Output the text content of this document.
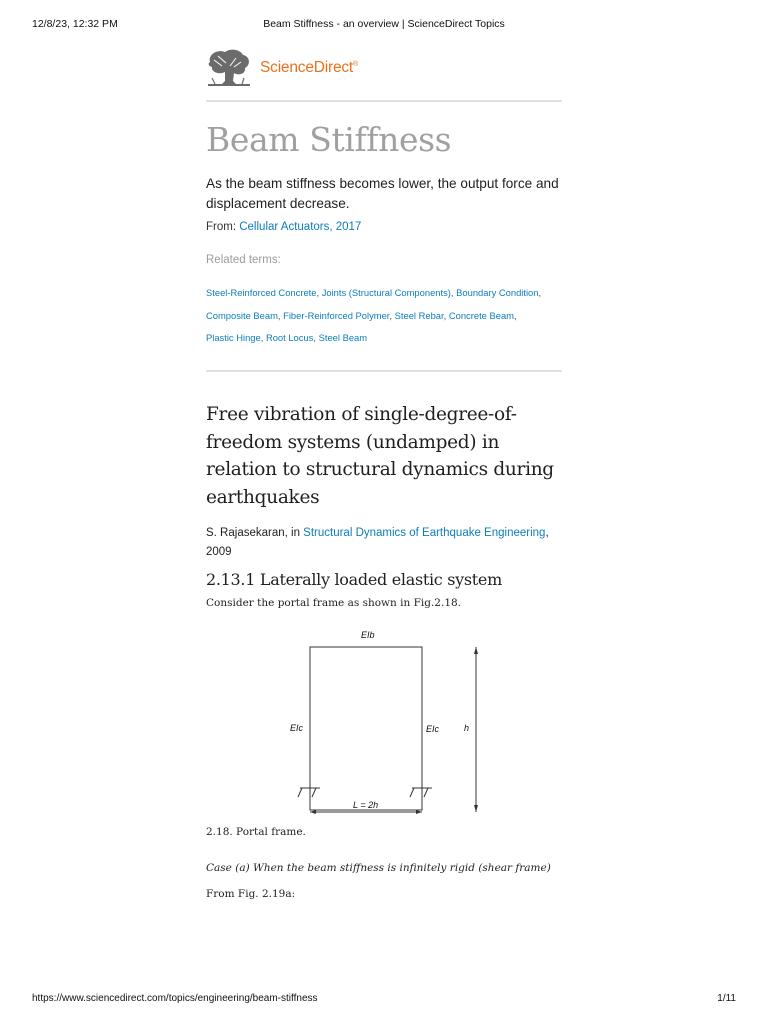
12/8/23, 12:32 PM	Beam Stiffness - an overview | ScienceDirect Topics
ScienceDirect®
Beam Stiffness

As the beam stiffness becomes lower, the output force and displacement decrease.

From: Cellular Actuators, 2017
Related terms:
Steel-Reinforced Concrete, Joints (Structural Components), Boundary Condition,
Composite Beam, Fiber-Reinforced Polymer, Steel Rebar, Concrete Beam,
Plastic Hinge, Root Locus, Steel Beam
Free vibration of single-degree-of-freedom systems (undamped) in relation to structural dynamics during earthquakes
S. Rajasekaran, in Structural Dynamics of Earthquake Engineering,
2009
2.13.1 Laterally loaded elastic system

Consider the portal frame as shown in Fig.2.18.

EIb
EIc	EIc	h
L = 2h

2.18. Portal frame.

Case (a) When the beam stiffness is infinitely rigid (shear frame)

From Fig. 2.19a:

https://www.sciencedirect.com/topics/engineering/beam-stiffness	1/11
